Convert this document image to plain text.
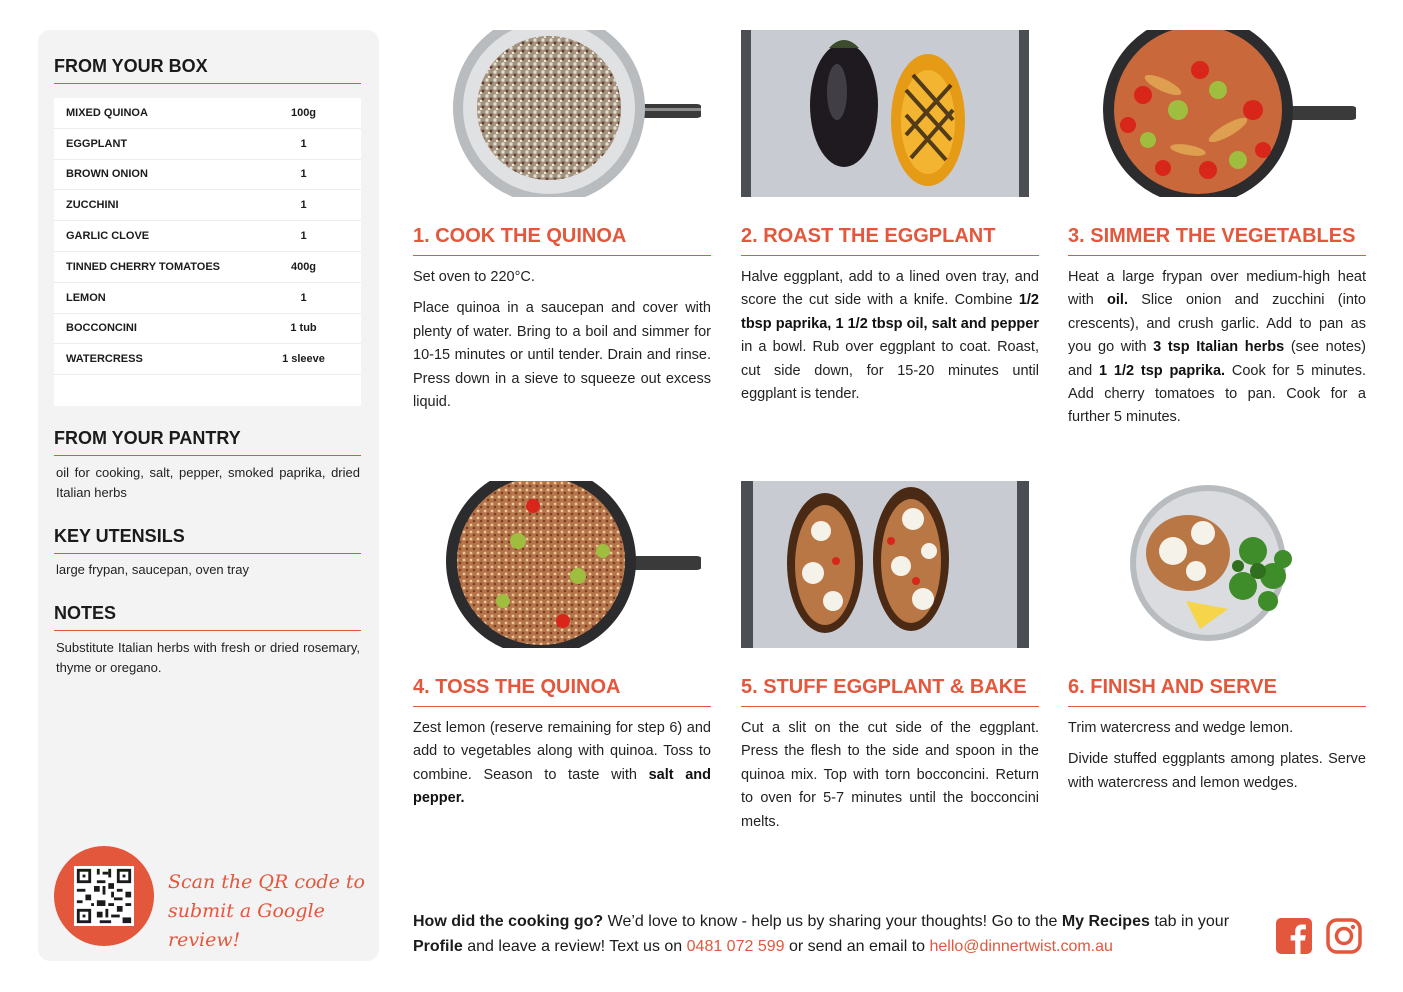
FROM YOUR BOX
MIXED QUINOA	100g
EGGPLANT	1
BROWN ONION	1
ZUCCHINI	1
GARLIC CLOVE	1
TINNED CHERRY TOMATOES	400g
LEMON	1
BOCCONCINI	1 tub
WATERCRESS	1 sleeve
FROM YOUR PANTRY
oil for cooking, salt, pepper, smoked paprika, dried Italian herbs
KEY UTENSILS
large frypan, saucepan, oven tray
NOTES
Substitute Italian herbs with fresh or dried rosemary, thyme or oregano.
Scan the QR code to
submit a Google review!
1. COOK THE QUINOA

Set oven to 220°C.

Place quinoa in a saucepan and cover with plenty of water. Bring to a boil and simmer for 10-15 minutes or until tender. Drain and rinse. Press down in a sieve to squeeze out excess liquid.

2. ROAST THE EGGPLANT

Halve eggplant, add to a lined oven tray, and score the cut side with a knife. Combine 1/2 tbsp paprika, 1 1/2 tbsp oil, salt and pepper in a bowl. Rub over eggplant to coat. Roast, cut side down, for 15-20 minutes until eggplant is tender.

3. SIMMER THE VEGETABLES

Heat a large frypan over medium-high heat with oil. Slice onion and zucchini (into crescents), and crush garlic. Add to pan as you go with 3 tsp Italian herbs (see notes) and 1 1/2 tsp paprika. Cook for 5 minutes. Add cherry tomatoes to pan. Cook for a further 5 minutes.

4. TOSS THE QUINOA

Zest lemon (reserve remaining for step 6) and add to vegetables along with quinoa. Toss to combine. Season to taste with salt and pepper.

5. STUFF EGGPLANT & BAKE

Cut a slit on the cut side of the eggplant. Press the flesh to the side and spoon in the quinoa mix. Top with torn bocconcini. Return to oven for 5-7 minutes until the bocconcini melts.

6. FINISH AND SERVE

Trim watercress and wedge lemon.

Divide stuffed eggplants among plates. Serve with watercress and lemon wedges.

How did the cooking go? We’d love to know - help us by sharing your thoughts! Go to the My Recipes tab in your Profile and leave a review! Text us on 0481 072 599 or send an email to hello@dinnertwist.com.au
